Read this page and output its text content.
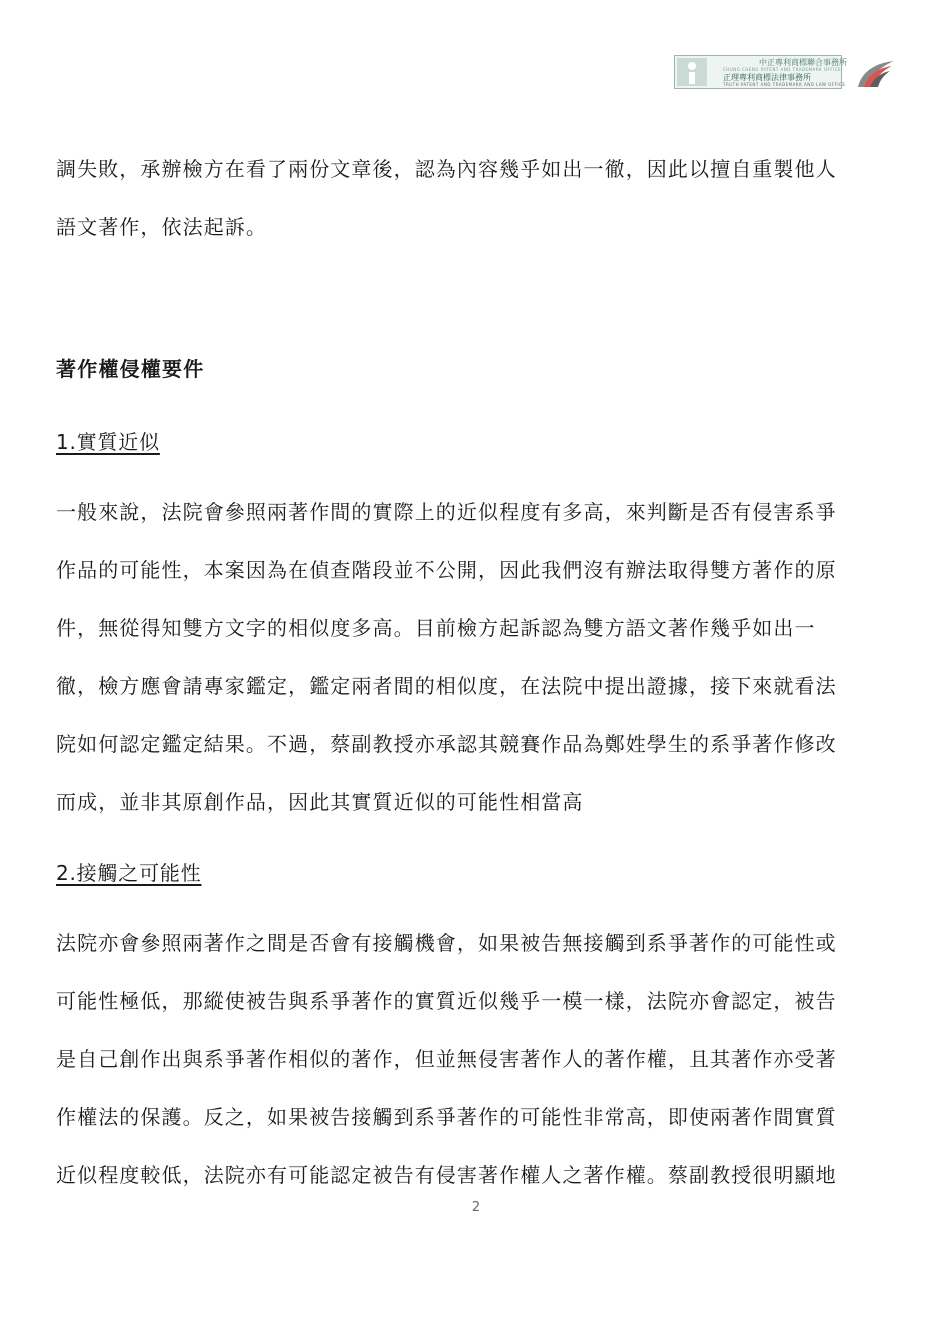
中正專利商標聯合事務所
CHUNG CHENG PATENT AND TRADEMARK OFFICE
正理專利商標法律事務所
TRUTH PATENT AND TRADEMARK AND LAW OFFICE

調失敗，承辦檢方在看了兩份文章後，認為內容幾乎如出一徹，因此以擅自重製他人

語文著作，依法起訴。

著作權侵權要件

1.實質近似

一般來說，法院會參照兩著作間的實際上的近似程度有多高，來判斷是否有侵害系爭

作品的可能性，本案因為在偵查階段並不公開，因此我們沒有辦法取得雙方著作的原

件，無從得知雙方文字的相似度多高。目前檢方起訴認為雙方語文著作幾乎如出一

徹，檢方應會請專家鑑定，鑑定兩者間的相似度，在法院中提出證據，接下來就看法

院如何認定鑑定結果。不過，蔡副教授亦承認其競賽作品為鄭姓學生的系爭著作修改

而成，並非其原創作品，因此其實質近似的可能性相當高

2.接觸之可能性

法院亦會參照兩著作之間是否會有接觸機會，如果被告無接觸到系爭著作的可能性或

可能性極低，那縱使被告與系爭著作的實質近似幾乎一模一樣，法院亦會認定，被告

是自己創作出與系爭著作相似的著作，但並無侵害著作人的著作權，且其著作亦受著

作權法的保護。反之，如果被告接觸到系爭著作的可能性非常高，即使兩著作間實質

近似程度較低，法院亦有可能認定被告有侵害著作權人之著作權。蔡副教授很明顯地

2
